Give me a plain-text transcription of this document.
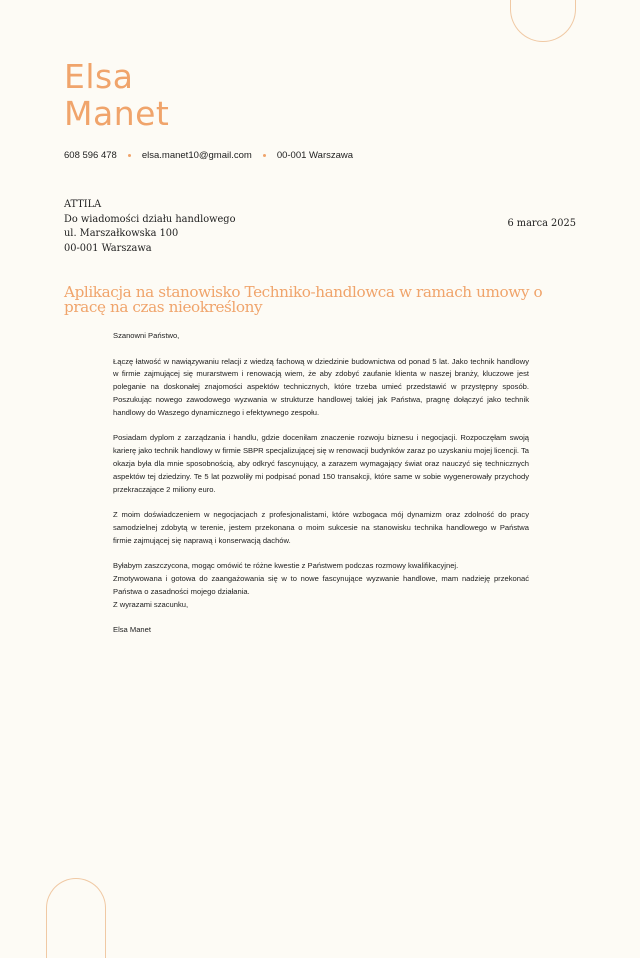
Elsa
Manet
608 596 478	elsa.manet10@gmail.com	00-001 Warszawa
ATTILA
Do wiadomości działu handlowego
ul. Marszałkowska 100
00-001 Warszawa
6 marca 2025
Aplikacja na stanowisko Techniko-handlowca w ramach umowy o pracę na czas nieokreślony

Szanowni Państwo,

Łączę łatwość w nawiązywaniu relacji z wiedzą fachową w dziedzinie budownictwa od ponad 5 lat. Jako technik handlowy w firmie zajmującej się murarstwem i renowacją wiem, że aby zdobyć zaufanie klienta w naszej branży, kluczowe jest poleganie na doskonałej znajomości aspektów technicznych, które trzeba umieć przedstawić w przystępny sposób. Poszukując nowego zawodowego wyzwania w strukturze handlowej takiej jak Państwa, pragnę dołączyć jako technik handlowy do Waszego dynamicznego i efektywnego zespołu.

Posiadam dyplom z zarządzania i handlu, gdzie doceniłam znaczenie rozwoju biznesu i negocjacji. Rozpoczęłam swoją karierę jako technik handlowy w firmie SBPR specjalizującej się w renowacji budynków zaraz po uzyskaniu mojej licencji. Ta okazja była dla mnie sposobnością, aby odkryć fascynujący, a zarazem wymagający świat oraz nauczyć się technicznych aspektów tej dziedziny. Te 5 lat pozwoliły mi podpisać ponad 150 transakcji, które same w sobie wygenerowały przychody przekraczające 2 miliony euro.

Z moim doświadczeniem w negocjacjach z profesjonalistami, które wzbogaca mój dynamizm oraz zdolność do pracy samodzielnej zdobytą w terenie, jestem przekonana o moim sukcesie na stanowisku technika handlowego w Państwa firmie zajmującej się naprawą i konserwacją dachów.

Byłabym zaszczycona, mogąc omówić te różne kwestie z Państwem podczas rozmowy kwalifikacyjnej.
Zmotywowana i gotowa do zaangażowania się w to nowe fascynujące wyzwanie handlowe, mam nadzieję przekonać Państwa o zasadności mojego działania.
Z wyrazami szacunku,

Elsa Manet
